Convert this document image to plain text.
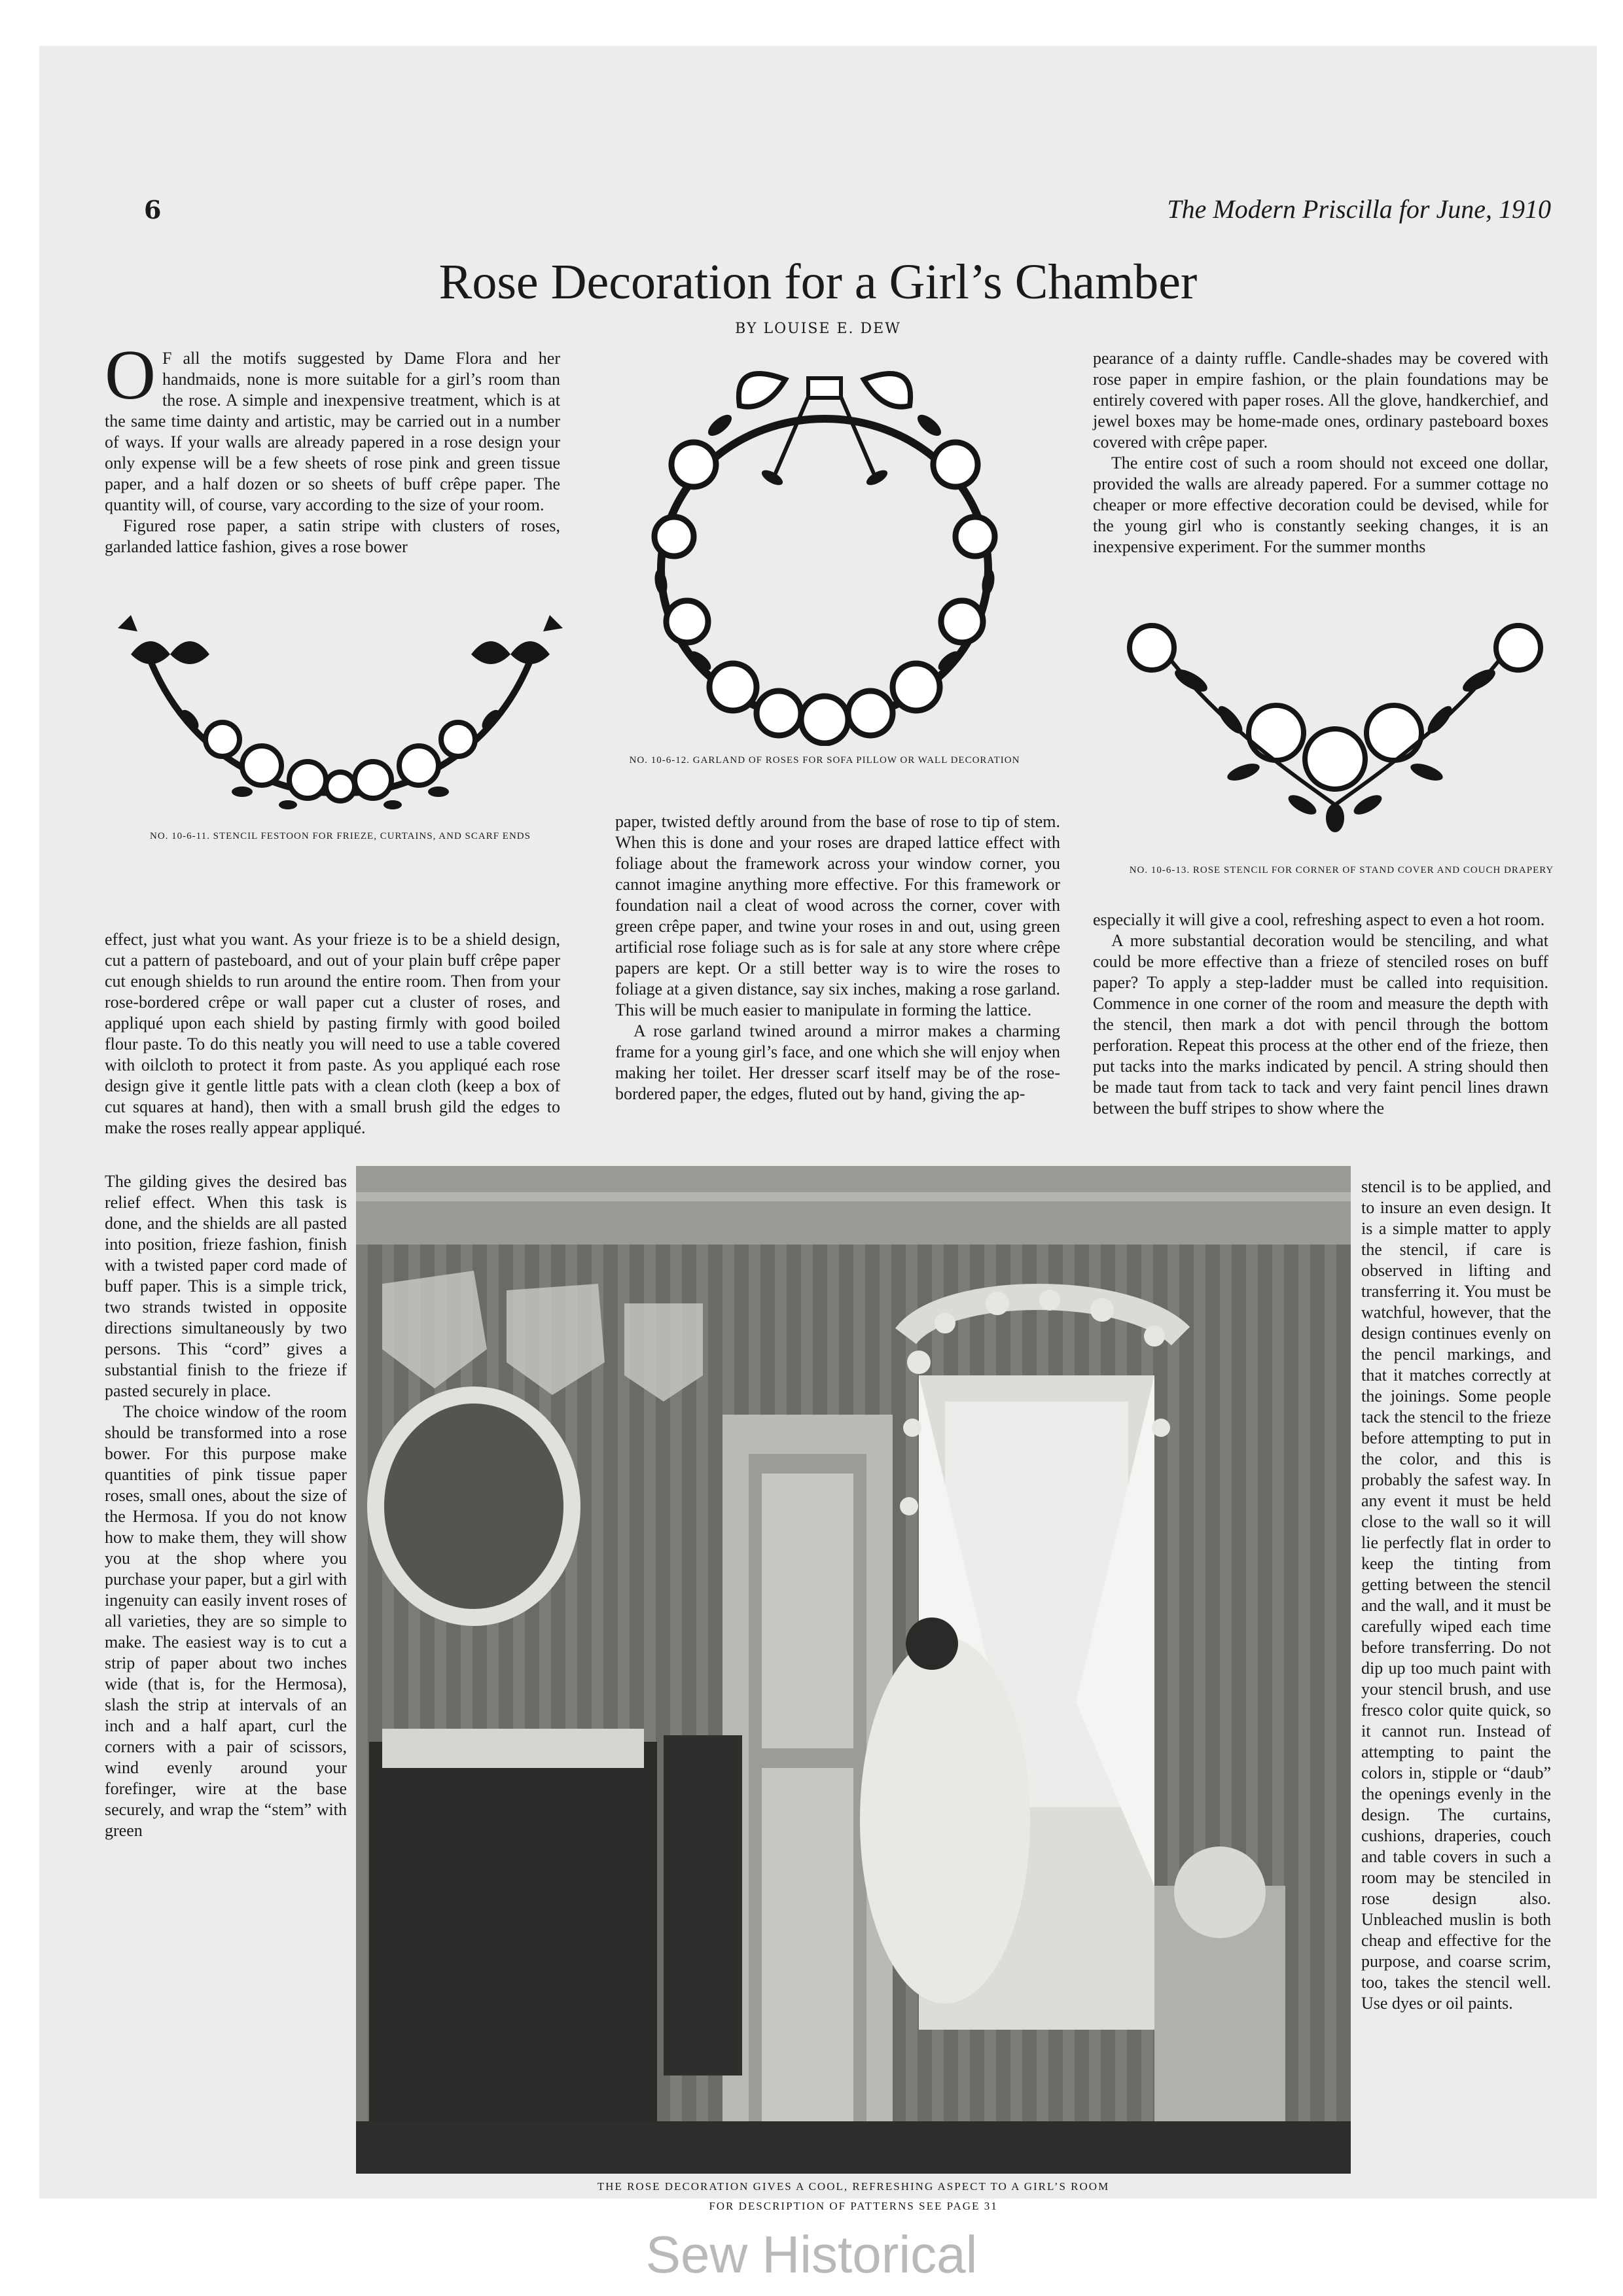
6	The Modern Priscilla for June, 1910
Rose Decoration for a Girl’s Chamber
BY LOUISE E. DEW

O F all the motifs suggested by Dame Flora and her handmaids, none is more suitable for a girl’s room than the rose. A simple and inexpensive treatment, which is at the same time dainty and artistic, may be carried out in a number of ways. If your walls are already papered in a rose design your only expense will be a few sheets of rose pink and green tissue paper, and a half dozen or so sheets of buff crêpe paper. The quantity will, of course, vary according to the size of your room.

Figured rose paper, a satin stripe with clusters of roses, garlanded lattice fashion, gives a rose bower

NO. 10-6-11. STENCIL FESTOON FOR FRIEZE, CURTAINS, AND SCARF ENDS
NO. 10-6-12. GARLAND OF ROSES FOR SOFA PILLOW OR WALL DECORATION

pearance of a dainty ruffle. Candle-shades may be covered with rose paper in empire fashion, or the plain foundations may be entirely covered with paper roses. All the glove, handkerchief, and jewel boxes may be home-made ones, ordinary pasteboard boxes covered with crêpe paper.

The entire cost of such a room should not exceed one dollar, provided the walls are already papered. For a summer cottage no cheaper or more effective decoration could be devised, while for the young girl who is constantly seeking changes, it is an inexpensive experiment. For the summer months

NO. 10-6-13. ROSE STENCIL FOR CORNER OF STAND COVER AND COUCH DRAPERY

effect, just what you want. As your frieze is to be a shield design, cut a pattern of pasteboard, and out of your plain buff crêpe paper cut enough shields to run around the entire room. Then from your rose-bordered crêpe or wall paper cut a cluster of roses, and appliqué upon each shield by pasting firmly with good boiled flour paste. To do this neatly you will need to use a table covered with oilcloth to protect it from paste. As you appliqué each rose design give it gentle little pats with a clean cloth (keep a box of cut squares at hand), then with a small brush gild the edges to make the roses really appear appliqué.

The gilding gives the desired bas relief effect. When this task is done, and the shields are all pasted into position, frieze fashion, finish with a twisted paper cord made of buff paper. This is a simple trick, two strands twisted in opposite directions simultaneously by two persons. This “cord” gives a substantial finish to the frieze if pasted securely in place.

The choice window of the room should be transformed into a rose bower. For this purpose make quantities of pink tissue paper roses, small ones, about the size of the Hermosa. If you do not know how to make them, they will show you at the shop where you purchase your paper, but a girl with ingenuity can easily invent roses of all varieties, they are so simple to make. The easiest way is to cut a strip of paper about two inches wide (that is, for the Hermosa), slash the strip at intervals of an inch and a half apart, curl the corners with a pair of scissors, wind evenly around your forefinger, wire at the base securely, and wrap the “stem” with green

paper, twisted deftly around from the base of rose to tip of stem. When this is done and your roses are draped lattice effect with foliage about the framework across your window corner, you cannot imagine anything more effective. For this framework or foundation nail a cleat of wood across the corner, cover with green crêpe paper, and twine your roses in and out, using green artificial rose foliage such as is for sale at any store where crêpe papers are kept. Or a still better way is to wire the roses to foliage at a given distance, say six inches, making a rose garland. This will be much easier to manipulate in forming the lattice.

A rose garland twined around a mirror makes a charming frame for a young girl’s face, and one which she will enjoy when making her toilet. Her dresser scarf itself may be of the rose-bordered paper, the edges, fluted out by hand, giving the ap-

especially it will give a cool, refreshing aspect to even a hot room.

A more substantial decoration would be stenciling, and what could be more effective than a frieze of stenciled roses on buff paper? To apply a step-ladder must be called into requisition. Commence in one corner of the room and measure the depth with the stencil, then mark a dot with pencil through the bottom perforation. Repeat this process at the other end of the frieze, then put tacks into the marks indicated by pencil. A string should then be made taut from tack to tack and very faint pencil lines drawn between the buff stripes to show where the

stencil is to be applied, and to insure an even design. It is a simple matter to apply the stencil, if care is observed in lifting and transferring it. You must be watchful, however, that the design continues evenly on the pencil markings, and that it matches correctly at the joinings. Some people tack the stencil to the frieze before attempting to put in the color, and this is probably the safest way. In any event it must be held close to the wall so it will lie perfectly flat in order to keep the tinting from getting between the stencil and the wall, and it must be carefully wiped each time before transferring. Do not dip up too much paint with your stencil brush, and use fresco color quite quick, so it cannot run. Instead of attempting to paint the colors in, stipple or “daub” the openings evenly in the design. The curtains, cushions, draperies, couch and table covers in such a room may be stenciled in rose design also. Unbleached muslin is both cheap and effective for the purpose, and coarse scrim, too, takes the stencil well. Use dyes or oil paints.

THE ROSE DECORATION GIVES A COOL, REFRESHING ASPECT TO A GIRL’S ROOM
FOR DESCRIPTION OF PATTERNS SEE PAGE 31
Sew Historical
